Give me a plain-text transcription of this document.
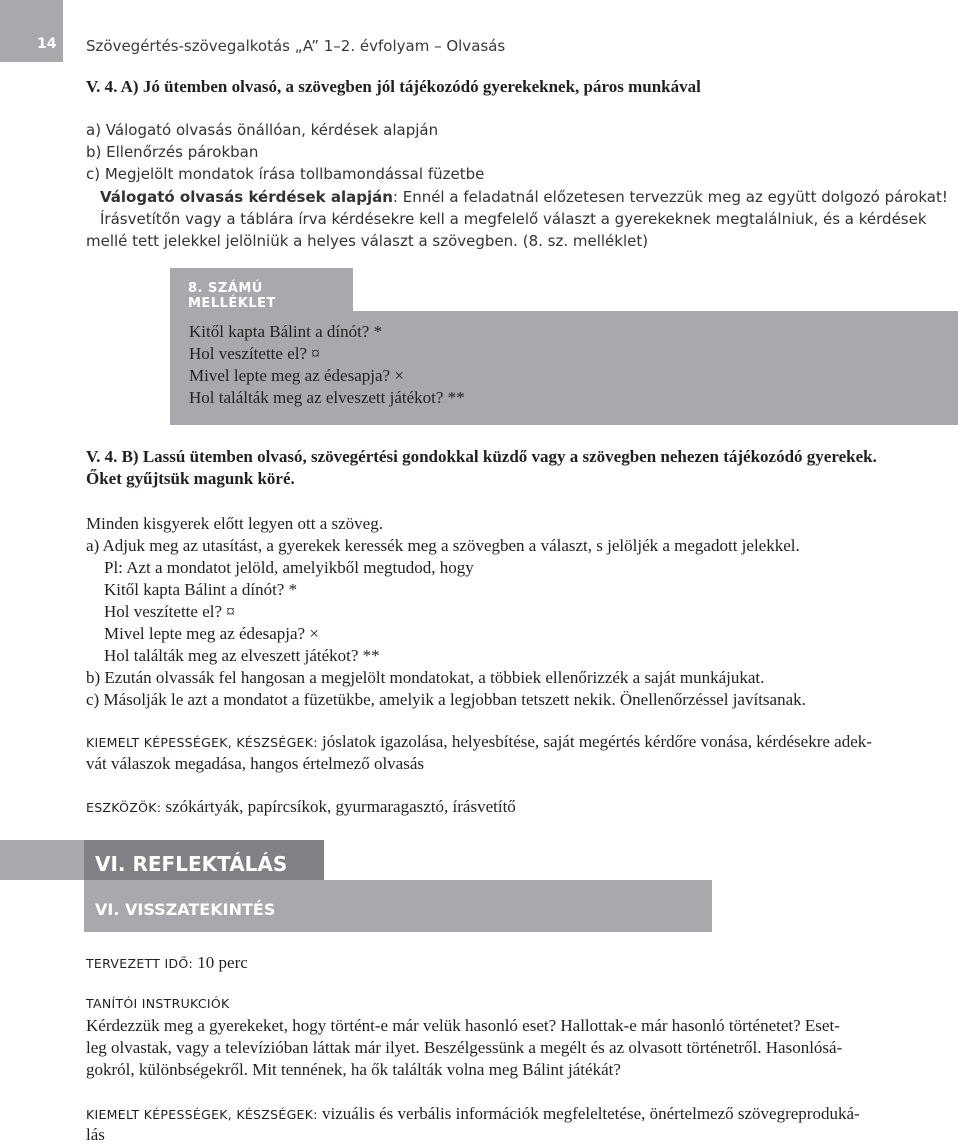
14 Szövegértés-szövegalkotás „A” 1–2. évfolyam – Olvasás
V. 4. A) Jó ütemben olvasó, a szövegben jól tájékozódó gyerekeknek, páros munkával
a) Válogató olvasás önállóan, kérdések alapján
b) Ellenőrzés párokban
c) Megjelölt mondatok írása tollbamondással füzetbe
Válogató olvasás kérdések alapján: Ennél a feladatnál előzetesen tervezzük meg az együtt dolgozó párokat!
Írásvetítőn vagy a táblára írva kérdésekre kell a megfelelő választ a gyerekeknek megtalálniuk, és a kérdések
mellé tett jelekkel jelölniük a helyes választ a szövegben. (8. sz. melléklet)
8. SZÁMÚ MELLÉKLET
Kitől kapta Bálint a dínót? *
Hol veszítette el? ¤
Mivel lepte meg az édesapja? ×
Hol találták meg az elveszett játékot? **
V. 4. B) Lassú ütemben olvasó, szövegértési gondokkal küzdő vagy a szövegben nehezen tájékozódó gyerekek.
Őket gyűjtsük magunk köré.
Minden kisgyerek előtt legyen ott a szöveg.
a) Adjuk meg az utasítást, a gyerekek keressék meg a szövegben a választ, s jelöljék a megadott jelekkel.
Pl: Azt a mondatot jelöld, amelyikből megtudod, hogy
Kitől kapta Bálint a dínót? *
Hol veszítette el? ¤
Mivel lepte meg az édesapja? ×
Hol találták meg az elveszett játékot? **
b) Ezután olvassák fel hangosan a megjelölt mondatokat, a többiek ellenőrizzék a saját munkájukat.
c) Másolják le azt a mondatot a füzetükbe, amelyik a legjobban tetszett nekik. Önellenőrzéssel javítsanak.
KIEMELT KÉPESSÉGEK, KÉSZSÉGEK: jóslatok igazolása, helyesbítése, saját megértés kérdőre vonása, kérdésekre adek-
vát válaszok megadása, hangos értelmező olvasás
ESZKÖZÖK: szókártyák, papírcsíkok, gyurmaragasztó, írásvetítő
VI. REFLEKTÁLÁS
VI. VISSZATEKINTÉS
TERVEZETT IDŐ: 10 perc
TANÍTÓI INSTRUKCIÓK
Kérdezzük meg a gyerekeket, hogy történt-e már velük hasonló eset? Hallottak-e már hasonló történetet? Eset-
leg olvastak, vagy a televízióban láttak már ilyet. Beszélgessünk a megélt és az olvasott történetről. Hasonlósá-
gokról, különbségekről. Mit tennének, ha ők találták volna meg Bálint játékát?
KIEMELT KÉPESSÉGEK, KÉSZSÉGEK: vizuális és verbális információk megfeleltetése, önértelmező szövegreproduká-
lás
